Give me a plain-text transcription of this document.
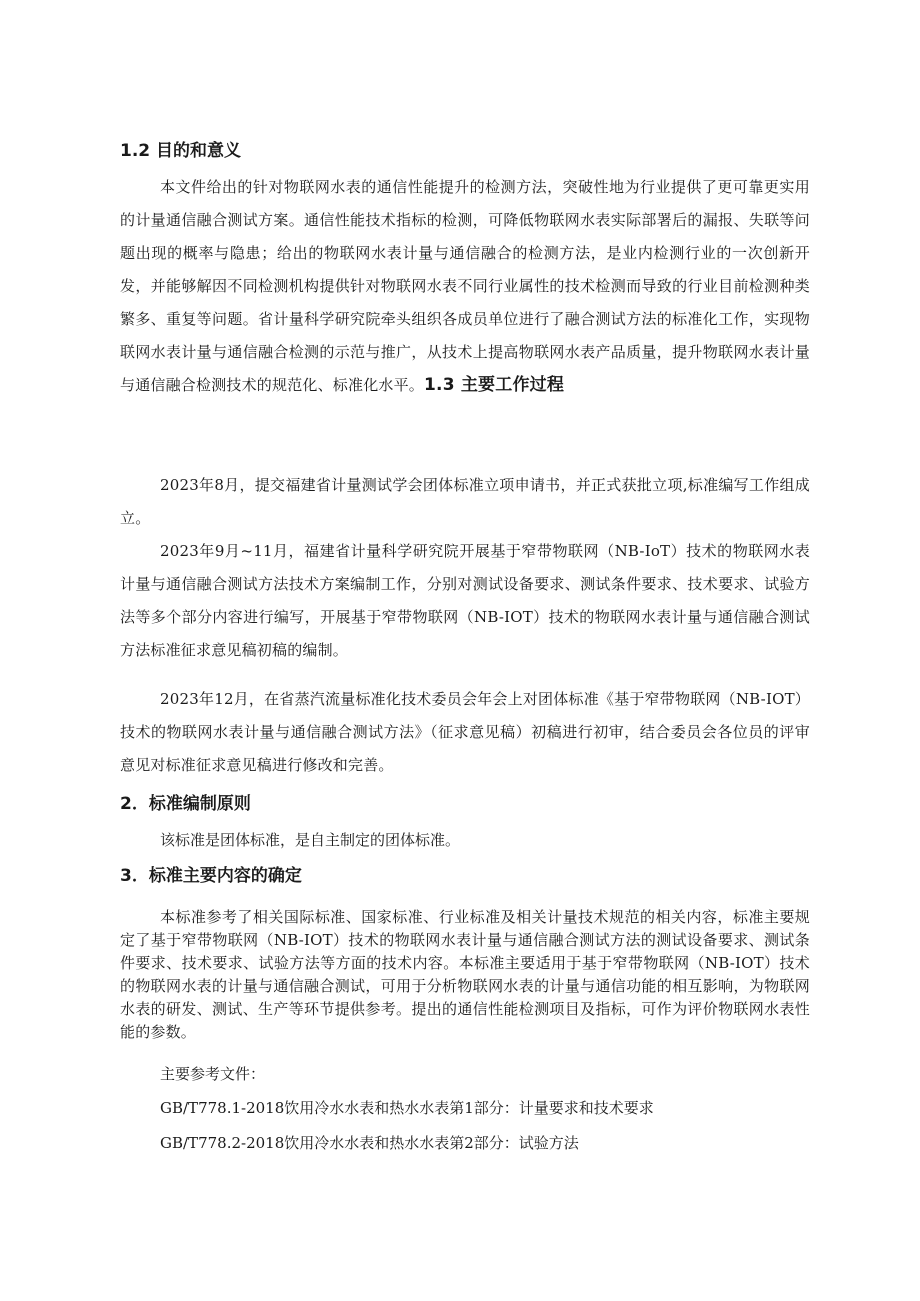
1.2 目的和意义

本文件给出的针对物联网水表的通信性能提升的检测方法，突破性地为行业提供了更可靠更实用的计量通信融合测试方案。通信性能技术指标的检测，可降低物联网水表实际部署后的漏报、失联等问题出现的概率与隐患；给出的物联网水表计量与通信融合的检测方法，是业内检测行业的一次创新开发，并能够解因不同检测机构提供针对物联网水表不同行业属性的技术检测而导致的行业目前检测种类繁多、重复等问题。省计量科学研究院牵头组织各成员单位进行了融合测试方法的标准化工作，实现物联网水表计量与通信融合检测的示范与推广，从技术上提高物联网水表产品质量，提升物联网水表计量与通信融合检测技术的规范化、标准化水平。1.3 主要工作过程

2023年8月，提交福建省计量测试学会团体标准立项申请书，并正式获批立项,标准编写工作组成立。

2023年9月~11月，福建省计量科学研究院开展基于窄带物联网（NB-IoT）技术的物联网水表计量与通信融合测试方法技术方案编制工作，分别对测试设备要求、测试条件要求、技术要求、试验方法等多个部分内容进行编写，开展基于窄带物联网（NB-IOT）技术的物联网水表计量与通信融合测试方法标准征求意见稿初稿的编制。

2023年12月，在省蒸汽流量标准化技术委员会年会上对团体标准《基于窄带物联网（NB-IOT）技术的物联网水表计量与通信融合测试方法》（征求意见稿）初稿进行初审，结合委员会各位员的评审意见对标准征求意见稿进行修改和完善。

2．标准编制原则

该标准是团体标准，是自主制定的团体标准。

3．标准主要内容的确定

本标准参考了相关国际标准、国家标准、行业标准及相关计量技术规范的相关内容，标准主要规定了基于窄带物联网（NB-IOT）技术的物联网水表计量与通信融合测试方法的测试设备要求、测试条件要求、技术要求、试验方法等方面的技术内容。本标准主要适用于基于窄带物联网（NB-IOT）技术的物联网水表的计量与通信融合测试，可用于分析物联网水表的计量与通信功能的相互影响，为物联网水表的研发、测试、生产等环节提供参考。提出的通信性能检测项目及指标，可作为评价物联网水表性能的参数。

主要参考文件：

GB/T778.1-2018饮用冷水水表和热水水表第1部分：计量要求和技术要求

GB/T778.2-2018饮用冷水水表和热水水表第2部分：试验方法
